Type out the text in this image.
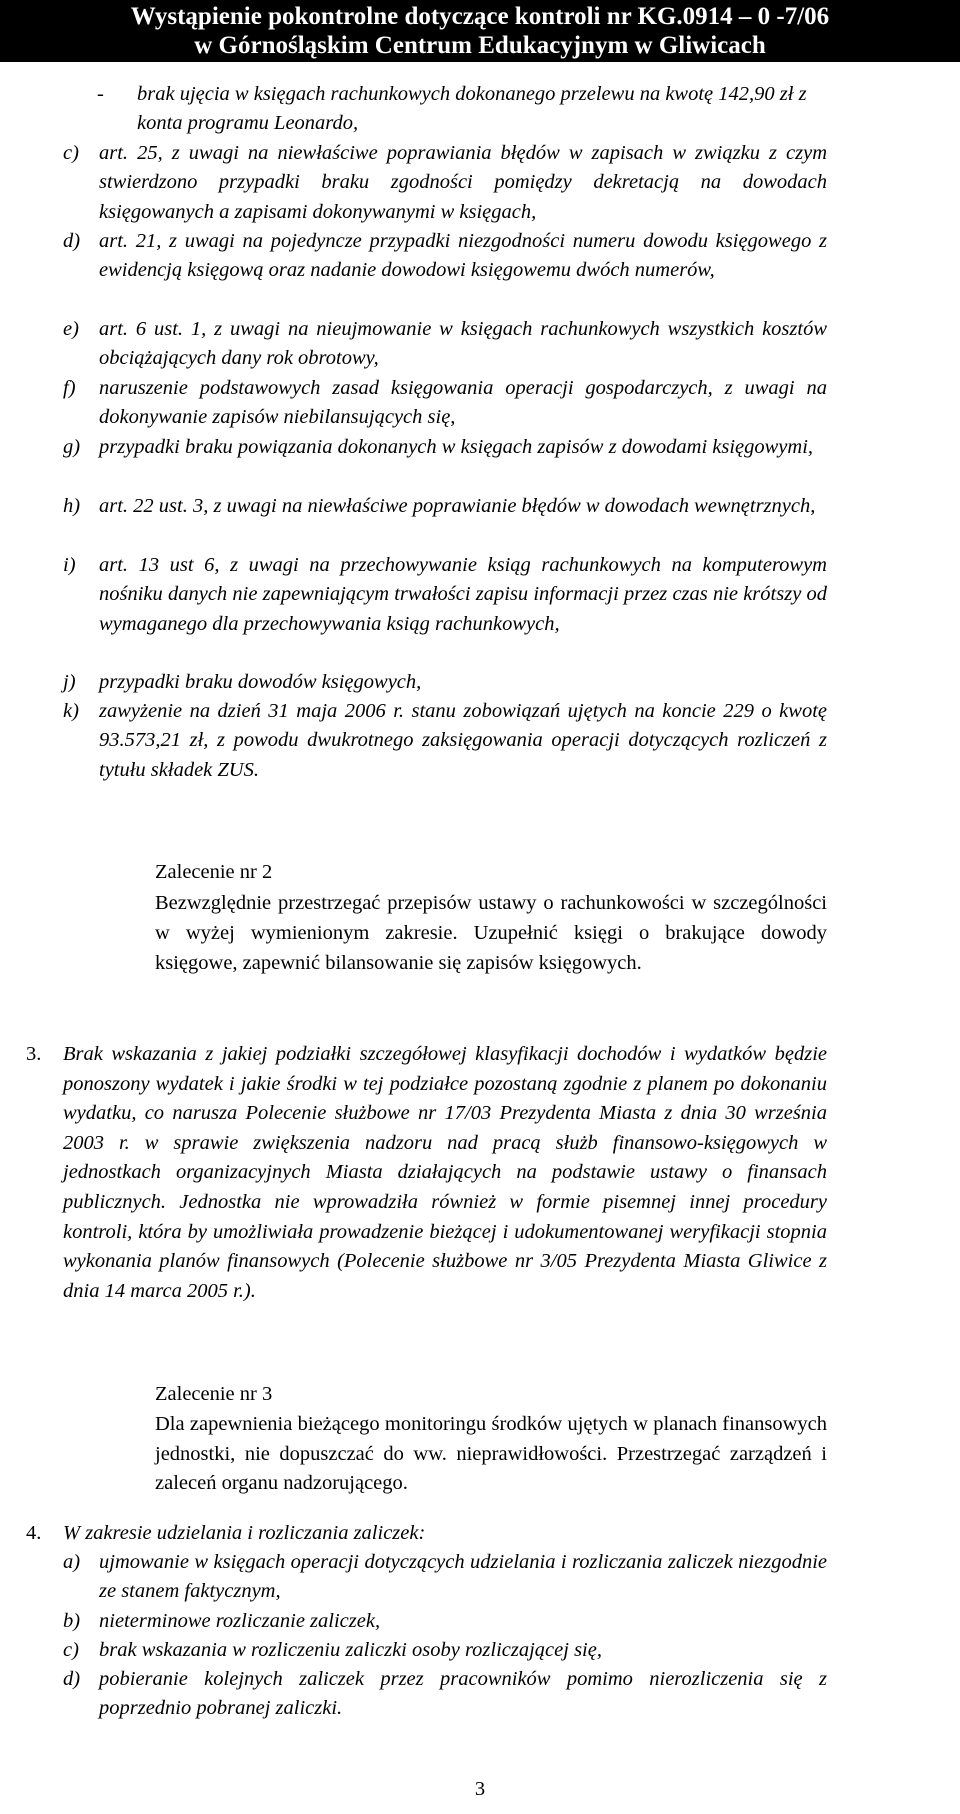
Wystąpienie pokontrolne dotyczące kontroli nr KG.0914 – 0 -7/06
w Górnośląskim Centrum Edukacyjnym w Gliwicach
- brak ujęcia w księgach rachunkowych dokonanego przelewu na kwotę 142,90 zł z konta programu Leonardo,
c) art. 25, z uwagi na niewłaściwe poprawiania błędów w zapisach w związku z czym stwierdzono przypadki braku zgodności pomiędzy dekretacją na dowodach księgowanych a zapisami dokonywanymi w księgach,
d) art. 21, z uwagi na pojedyncze przypadki niezgodności numeru dowodu księgowego z ewidencją księgową oraz nadanie dowodowi księgowemu dwóch numerów,
e) art. 6 ust. 1, z uwagi na nieujmowanie w księgach rachunkowych wszystkich kosztów obciążających dany rok obrotowy,
f) naruszenie podstawowych zasad księgowania operacji gospodarczych, z uwagi na dokonywanie zapisów niebilansujących się,
g) przypadki braku powiązania dokonanych w księgach zapisów z dowodami księgowymi,
h) art. 22 ust. 3, z uwagi na niewłaściwe poprawianie błędów w dowodach wewnętrznych,
i) art. 13 ust 6, z uwagi na przechowywanie ksiąg rachunkowych na komputerowym nośniku danych nie zapewniającym trwałości zapisu informacji przez czas nie krótszy od wymaganego dla przechowywania ksiąg rachunkowych,
j) przypadki braku dowodów księgowych,
k) zawyżenie na dzień 31 maja 2006 r. stanu zobowiązań ujętych na koncie 229 o kwotę 93.573,21 zł, z powodu dwukrotnego zaksięgowania operacji dotyczących rozliczeń z tytułu składek ZUS.
Zalecenie nr 2
Bezwzględnie przestrzegać przepisów ustawy o rachunkowości w szczególności w wyżej wymienionym zakresie. Uzupełnić księgi o brakujące dowody księgowe, zapewnić bilansowanie się zapisów księgowych.
3. Brak wskazania z jakiej podziałki szczegółowej klasyfikacji dochodów i wydatków będzie ponoszony wydatek i jakie środki w tej podziałce pozostaną zgodnie z planem po dokonaniu wydatku, co narusza Polecenie służbowe nr 17/03 Prezydenta Miasta z dnia 30 września 2003 r. w sprawie zwiększenia nadzoru nad pracą służb finansowo-księgowych w jednostkach organizacyjnych Miasta działających na podstawie ustawy o finansach publicznych. Jednostka nie wprowadziła również w formie pisemnej innej procedury kontroli, która by umożliwiała prowadzenie bieżącej i udokumentowanej weryfikacji stopnia wykonania planów finansowych (Polecenie służbowe nr 3/05 Prezydenta Miasta Gliwice z dnia 14 marca 2005 r.).
Zalecenie nr 3
Dla zapewnienia bieżącego monitoringu środków ujętych w planach finansowych jednostki, nie dopuszczać do ww. nieprawidłowości. Przestrzegać zarządzeń i zaleceń organu nadzorującego.
4. W zakresie udzielania i rozliczania zaliczek:
a) ujmowanie w księgach operacji dotyczących udzielania i rozliczania zaliczek niezgodnie ze stanem faktycznym,
b) nieterminowe rozliczanie zaliczek,
c) brak wskazania w rozliczeniu zaliczki osoby rozliczającej się,
d) pobieranie kolejnych zaliczek przez pracowników pomimo nierozliczenia się z poprzednio pobranej zaliczki.
3
